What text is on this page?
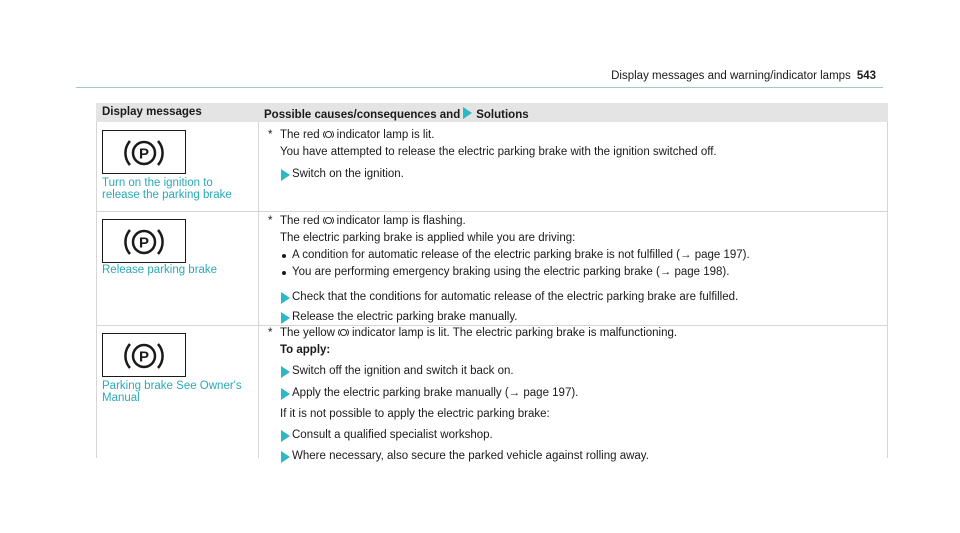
Display messages and warning/indicator lamps 543
Display messages	Possible causes/consequences and Solutions
P
Turn on the ignition to
release the parking brake
* The red indicator lamp is lit.
You have attempted to release the electric parking brake with the ignition switched off.
Switch on the ignition.
P
Release parking brake
* The red indicator lamp is flashing.
The electric parking brake is applied while you are driving:
A condition for automatic release of the electric parking brake is not fulfilled (→ page 197).
You are performing emergency braking using the electric parking brake (→ page 198).
Check that the conditions for automatic release of the electric parking brake are fulfilled.
Release the electric parking brake manually.
P
Parking brake See Owner's
Manual
* The yellow indicator lamp is lit. The electric parking brake is malfunctioning.
To apply:
Switch off the ignition and switch it back on.
Apply the electric parking brake manually (→ page 197).
If it is not possible to apply the electric parking brake:
Consult a qualified specialist workshop.
Where necessary, also secure the parked vehicle against rolling away.
